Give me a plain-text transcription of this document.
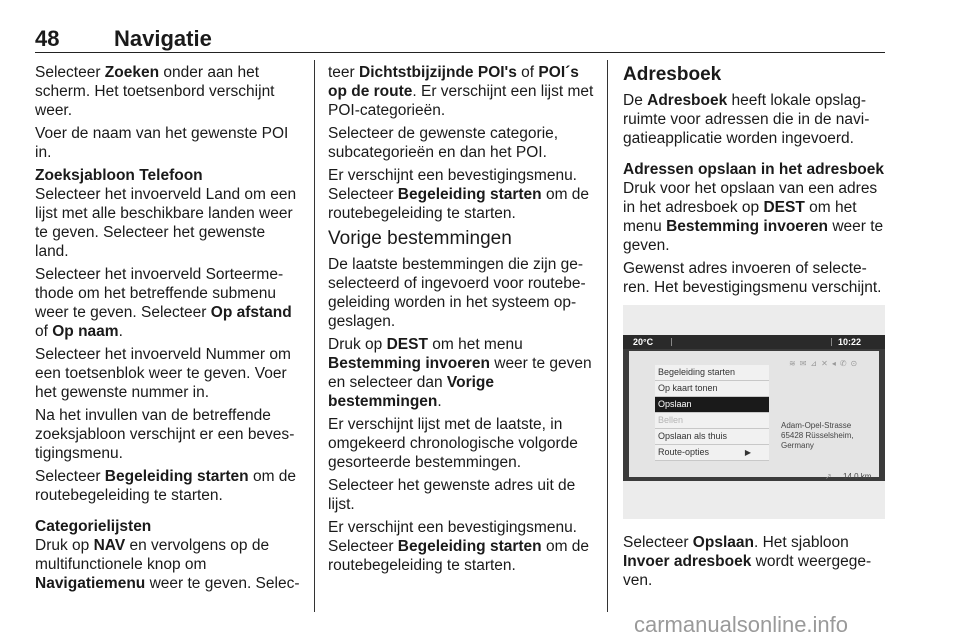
48 Navigatie

Selecteer Zoeken onder aan het scherm. Het toetsenbord verschijnt weer.

Voer de naam van het gewenste POI in.

Zoeksjabloon Telefoon

Selecteer het invoerveld Land om een lijst met alle beschikbare landen weer te geven. Selecteer het gewenste land.

Selecteer het invoerveld Sorteermethode om het betreffende submenu weer te geven. Selecteer Op afstand of Op naam.

Selecteer het invoerveld Nummer om een toetsenblok weer te geven. Voer het gewenste nummer in.

Na het invullen van de betreffende zoeksjabloon verschijnt er een bevestigingsmenu.

Selecteer Begeleiding starten om de routebegeleiding te starten.

Categorielijsten

Druk op NAV en vervolgens op de multifunctionele knop om Navigatiemenu weer te geven. Selec-

teer Dichtstbijzijnde POI's of POI´s op de route. Er verschijnt een lijst met POI-categorieën.

Selecteer de gewenste categorie, subcategorieën en dan het POI.

Er verschijnt een bevestigingsmenu. Selecteer Begeleiding starten om de routebegeleiding te starten.

Vorige bestemmingen

De laatste bestemmingen die zijn geselecteerd of ingevoerd voor routebegeleiding worden in het systeem opgeslagen.

Druk op DEST om het menu Bestemming invoeren weer te geven en selecteer dan Vorige bestemmingen.

Er verschijnt lijst met de laatste, in omgekeerd chronologische volgorde gesorteerde bestemmingen.

Selecteer het gewenste adres uit de lijst.

Er verschijnt een bevestigingsmenu. Selecteer Begeleiding starten om de routebegeleiding te starten.

Adresboek

De Adresboek heeft lokale opslagruimte voor adressen die in de navigatieapplicatie worden ingevoerd.

Adressen opslaan in het adresboek

Druk voor het opslaan van een adres in het adresboek op DEST om het menu Bestemming invoeren weer te geven.

Gewenst adres invoeren of selecteren. Het bevestigingsmenu verschijnt.

20°C	10:22
≋✉⊿✕◂✆⊙
Begeleiding starten
Op kaart tonen
Opslaan
Bellen
Opslaan als thuis
Route-opties	▶
Adam-Opel-Strasse
65428 Rüsselsheim, Germany
↗ 14.0 km

Selecteer Opslaan. Het sjabloon Invoer adresboek wordt weergegeven.

carmanualsonline.info
